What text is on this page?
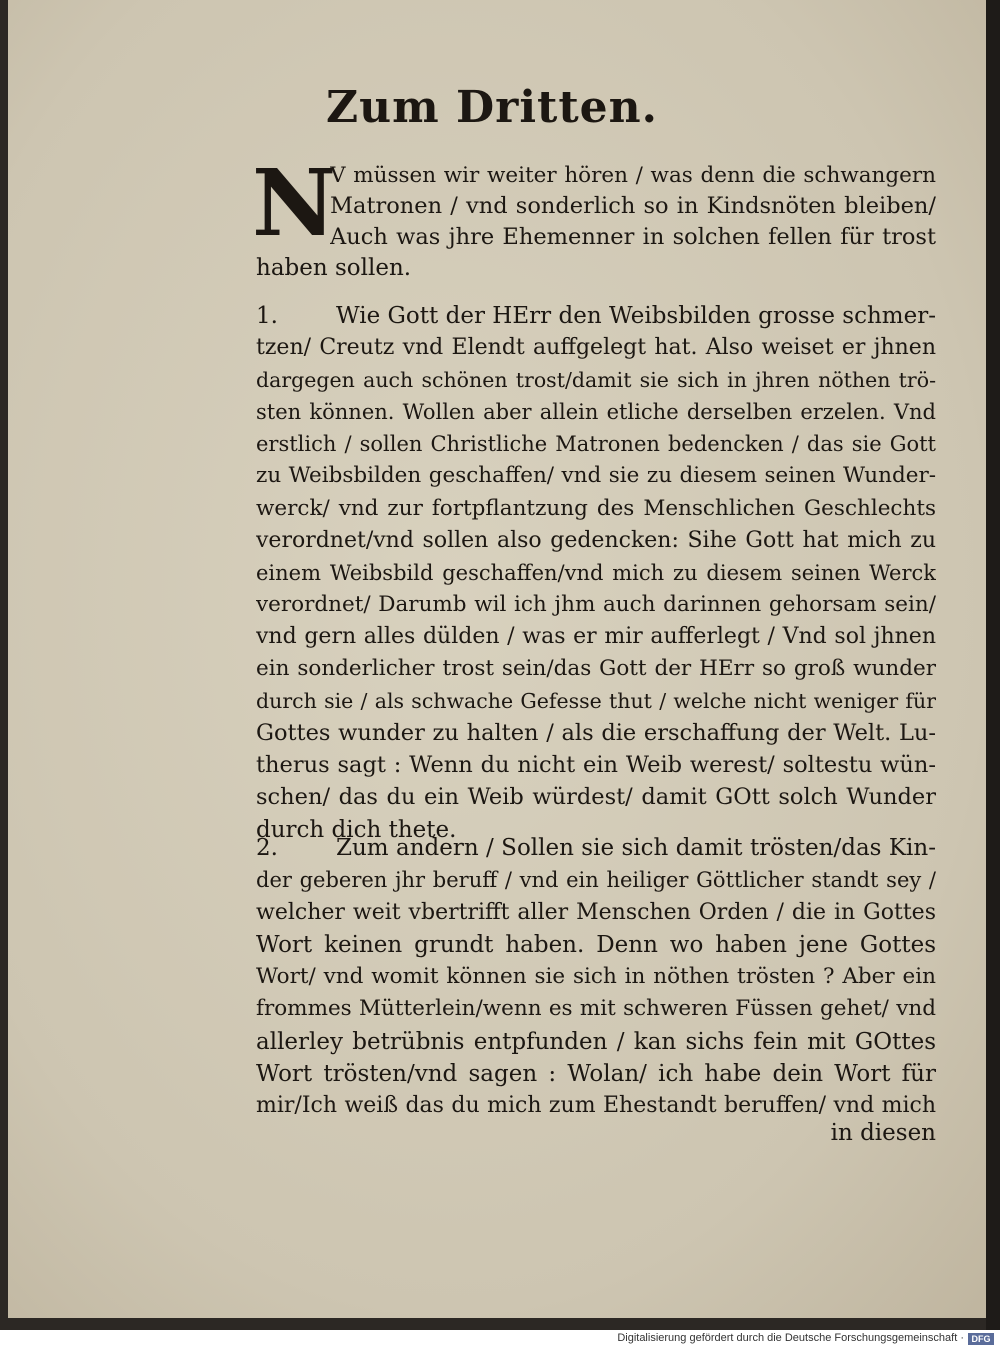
Zum Dritten.
N
V müssen wir weiter hören / was denn die schwangern
Matronen / vnd sonderlich so in Kindsnöten bleiben/
Auch was jhre Ehemenner in solchen fellen für trost
haben sollen.
1.	Wie Gott der HErr den Weibsbilden grosse schmer-
tzen/ Creutz vnd Elendt auffgelegt hat. Also weiset er jhnen
dargegen auch schönen trost/damit sie sich in jhren nöthen trö-
sten können. Wollen aber allein etliche derselben erzelen. Vnd
erstlich / sollen Christliche Matronen bedencken / das sie Gott
zu Weibsbilden geschaffen/ vnd sie zu diesem seinen Wunder-
werck/ vnd zur fortpflantzung des Menschlichen Geschlechts
verordnet/vnd sollen also gedencken: Sihe Gott hat mich zu
einem Weibsbild geschaffen/vnd mich zu diesem seinen Werck
verordnet/ Darumb wil ich jhm auch darinnen gehorsam sein/
vnd gern alles dülden / was er mir aufferlegt / Vnd sol jhnen
ein sonderlicher trost sein/das Gott der HErr so groß wunder
durch sie / als schwache Gefesse thut / welche nicht weniger für
Gottes wunder zu halten / als die erschaffung der Welt. Lu-
therus sagt : Wenn du nicht ein Weib werest/ soltestu wün-
schen/ das du ein Weib würdest/ damit GOtt solch Wunder
durch dich thete.
2.	Zum andern / Sollen sie sich damit trösten/das Kin-
der geberen jhr beruff / vnd ein heiliger Göttlicher standt sey /
welcher weit vbertrifft aller Menschen Orden / die in Gottes
Wort keinen grundt haben. Denn wo haben jene Gottes
Wort/ vnd womit können sie sich in nöthen trösten ? Aber ein
frommes Mütterlein/wenn es mit schweren Füssen gehet/ vnd
allerley betrübnis entpfunden / kan sichs fein mit GOttes
Wort trösten/vnd sagen : Wolan/ ich habe dein Wort für
mir/Ich weiß das du mich zum Ehestandt beruffen/ vnd mich
in diesen
Digitalisierung gefördert durch die Deutsche Forschungsgemeinschaft · DFG
